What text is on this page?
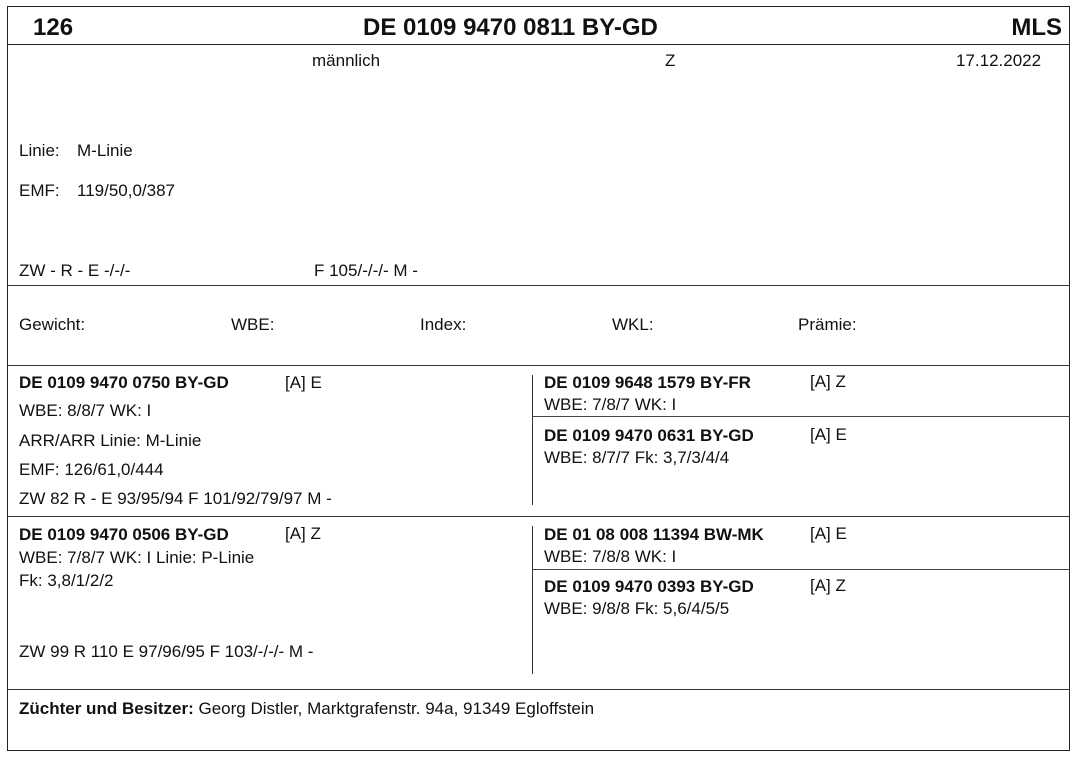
126	DE 0109 9470 0811 BY-GD	MLS
männlich	Z	17.12.2022
Linie: M-Linie
EMF: 119/50,0/387
ZW - R - E -/-/-	F 105/-/-/- M -
Gewicht:	WBE:	Index:	WKL:	Prämie:
DE 0109 9470 0750 BY-GD	[A] E
WBE: 8/8/7 WK: I
ARR/ARR Linie: M-Linie
EMF: 126/61,0/444
ZW 82 R - E 93/95/94 F 101/92/79/97 M -
DE 0109 9648 1579 BY-FR	[A] Z
WBE: 7/8/7 WK: I
DE 0109 9470 0631 BY-GD	[A] E
WBE: 8/7/7 Fk: 3,7/3/4/4
DE 0109 9470 0506 BY-GD	[A] Z
WBE: 7/8/7 WK: I Linie: P-Linie
Fk: 3,8/1/2/2
ZW 99 R 110 E 97/96/95 F 103/-/-/- M -
DE 01 08 008 11394 BW-MK	[A] E
WBE: 7/8/8 WK: I
DE 0109 9470 0393 BY-GD	[A] Z
WBE: 9/8/8 Fk: 5,6/4/5/5
Züchter und Besitzer: Georg Distler, Marktgrafenstr. 94a, 91349 Egloffstein
